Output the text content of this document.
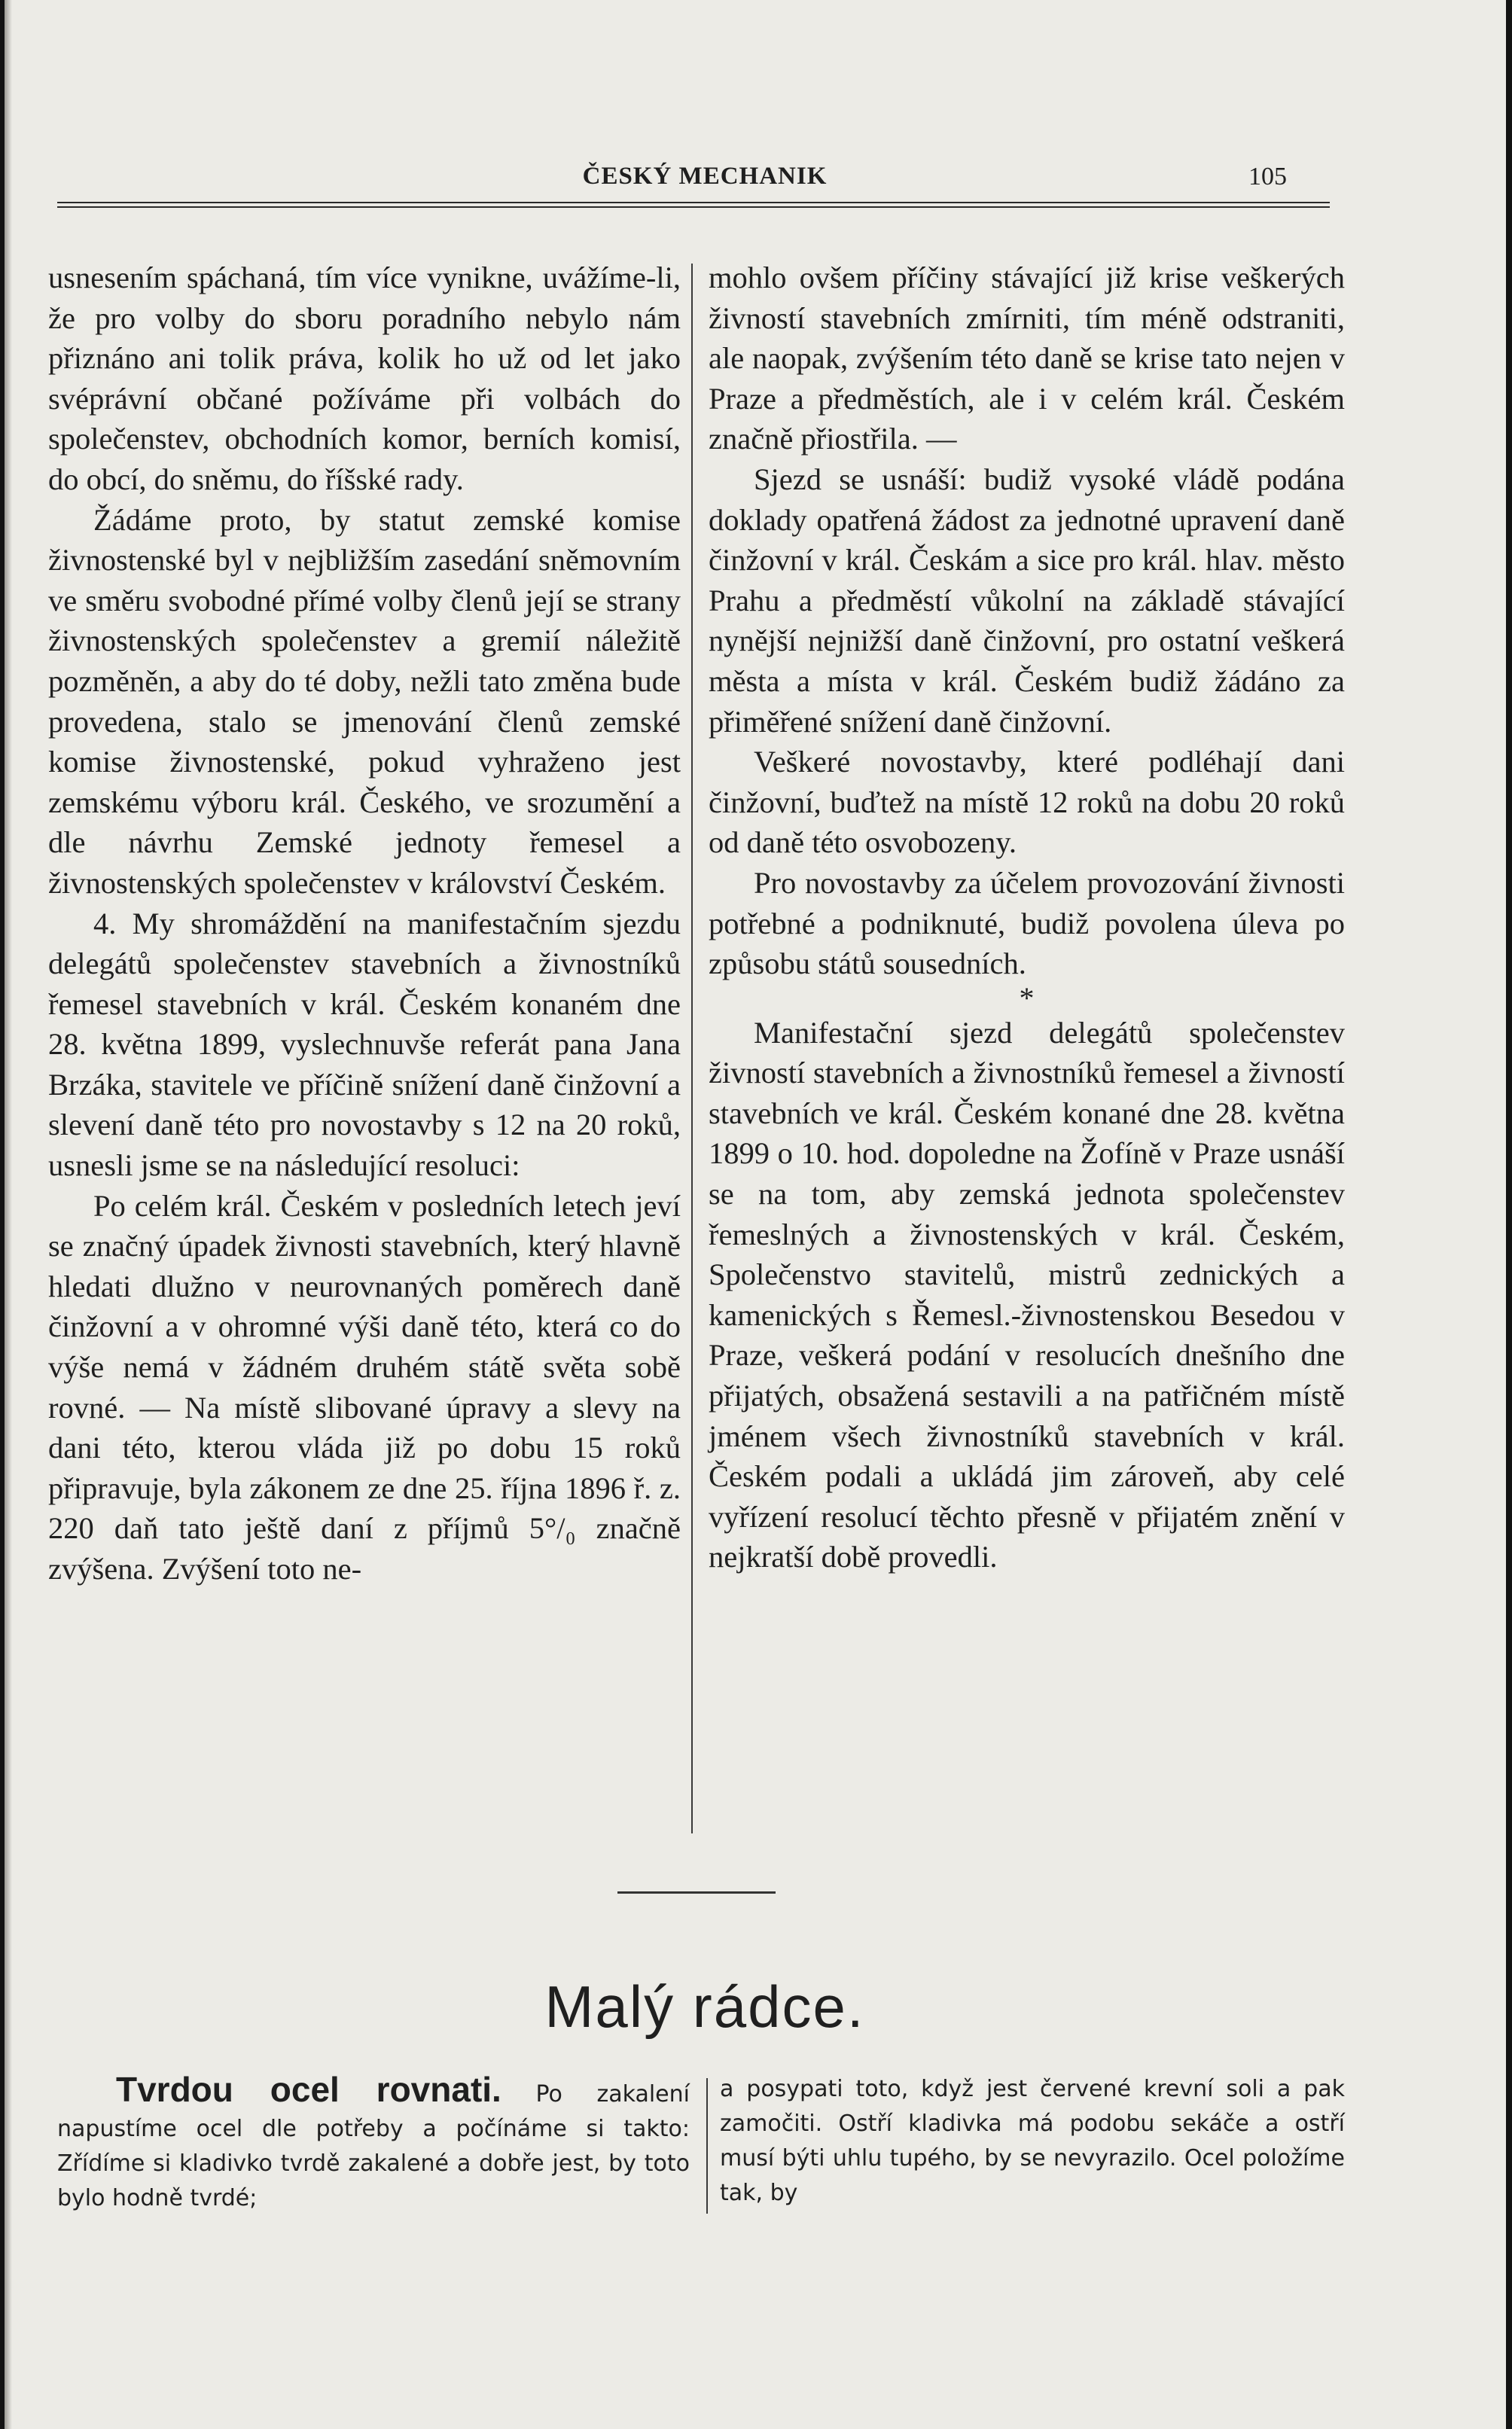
ČESKÝ MECHANIK	105

usnesením spáchaná, tím více vynikne, uvážíme-li, že pro volby do sboru poradního nebylo nám přiznáno ani tolik práva, kolik ho už od let jako svéprávní občané požíváme při volbách do společenstev, obchodních komor, berních komisí, do obcí, do sněmu, do říšské rady.

Žádáme proto, by statut zemské komise živnostenské byl v nejbližším zasedání sněmovním ve směru svobodné přímé volby členů její se strany živnostenských společenstev a gremií náležitě pozměněn, a aby do té doby, nežli tato změna bude provedena, stalo se jmenování členů zemské komise živnostenské, pokud vyhraženo jest zemskému výboru král. Českého, ve srozumění a dle návrhu Zemské jednoty řemesel a živnostenských společenstev v království Českém.

4. My shromáždění na manifestačním sjezdu delegátů společenstev stavebních a živnostníků řemesel stavebních v král. Českém konaném dne 28. května 1899, vyslechnuvše referát pana Jana Brzáka, stavitele ve příčině snížení daně činžovní a slevení daně této pro novostavby s 12 na 20 roků, usnesli jsme se na následující resoluci:

Po celém král. Českém v posledních letech jeví se značný úpadek živnosti stavebních, který hlavně hledati dlužno v neurovnaných poměrech daně činžovní a v ohromné výši daně této, která co do výše nemá v žádném druhém státě světa sobě rovné. — Na místě slibované úpravy a slevy na dani této, kterou vláda již po dobu 15 roků připravuje, byla zákonem ze dne 25. října 1896 ř. z. 220 daň tato ještě daní z příjmů 5°/₀ značně zvýšena. Zvýšení toto ne-

mohlo ovšem příčiny stávající již krise veškerých živností stavebních zmírniti, tím méně odstraniti, ale naopak, zvýšením této daně se krise tato nejen v Praze a předměstích, ale i v celém král. Českém značně přiostřila. —

Sjezd se usnáší: budiž vysoké vládě podána doklady opatřená žádost za jednotné upravení daně činžovní v král. Českám a sice pro král. hlav. město Prahu a předměstí vůkolní na základě stávající nynější nejnižší daně činžovní, pro ostatní veškerá města a místa v král. Českém budiž žádáno za přiměřené snížení daně činžovní.

Veškeré novostavby, které podléhají dani činžovní, buďtež na místě 12 roků na dobu 20 roků od daně této osvobozeny.

Pro novostavby za účelem provozování živnosti potřebné a podniknuté, budiž povolena úleva po způsobu států sousedních.

*

Manifestační sjezd delegátů společenstev živností stavebních a živnostníků řemesel a živností stavebních ve král. Českém konané dne 28. května 1899 o 10. hod. dopoledne na Žofíně v Praze usnáší se na tom, aby zemská jednota společenstev řemeslných a živnostenských v král. Českém, Společenstvo stavitelů, mistrů zednických a kamenických s Řemesl.-živnostenskou Besedou v Praze, veškerá podání v resolucích dnešního dne přijatých, obsažená sestavili a na patřičném místě jménem všech živnostníků stavebních v král. Českém podali a ukládá jim zároveň, aby celé vyřízení resolucí těchto přesně v přijatém znění v nejkratší době provedli.

Malý rádce.

Tvrdou ocel rovnati. Po zakalení napustíme ocel dle potřeby a počínáme si takto: Zřídíme si kladivko tvrdě zakalené a dobře jest, by toto bylo hodně tvrdé;

a posypati toto, když jest červené krevní soli a pak zamočiti. Ostří kladivka má podobu sekáče a ostří musí býti uhlu tupého, by se nevyrazilo. Ocel položíme tak, by
